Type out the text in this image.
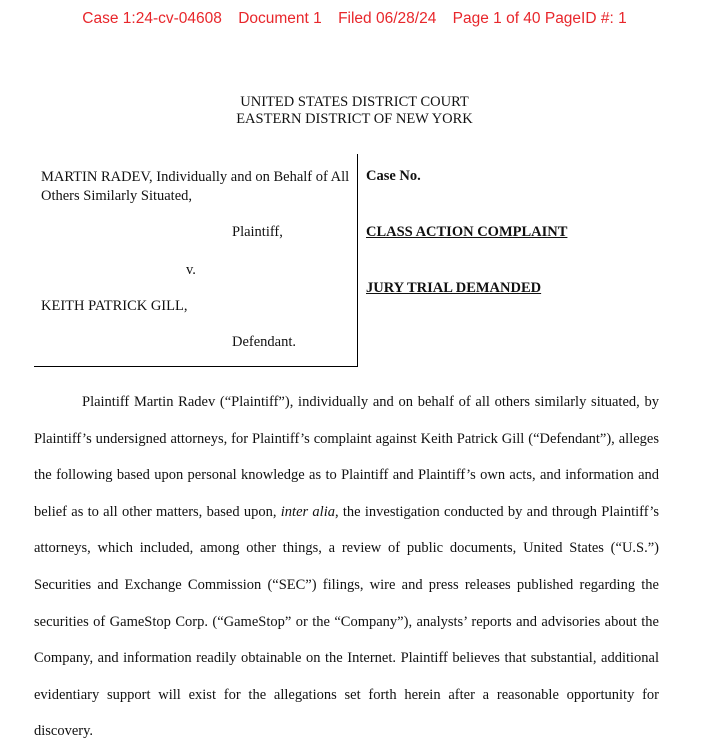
Case 1:24-cv-04608 Document 1 Filed 06/28/24 Page 1 of 40 PageID #: 1
UNITED STATES DISTRICT COURT
EASTERN DISTRICT OF NEW YORK
MARTIN RADEV, Individually and on Behalf of All Others Similarly Situated,
Plaintiff,
v.
KEITH PATRICK GILL,
Defendant.
Case No.
CLASS ACTION COMPLAINT
JURY TRIAL DEMANDED

Plaintiff Martin Radev (“Plaintiff”), individually and on behalf of all others similarly situated, by Plaintiff’s undersigned attorneys, for Plaintiff’s complaint against Keith Patrick Gill (“Defendant”), alleges the following based upon personal knowledge as to Plaintiff and Plaintiff’s own acts, and information and belief as to all other matters, based upon, inter alia, the investigation conducted by and through Plaintiff’s attorneys, which included, among other things, a review of public documents, United States (“U.S.”) Securities and Exchange Commission (“SEC”) filings, wire and press releases published regarding the securities of GameStop Corp. (“GameStop” or the “Company”), analysts’ reports and advisories about the Company, and information readily obtainable on the Internet. Plaintiff believes that substantial, additional evidentiary support will exist for the allegations set forth herein after a reasonable opportunity for discovery.
